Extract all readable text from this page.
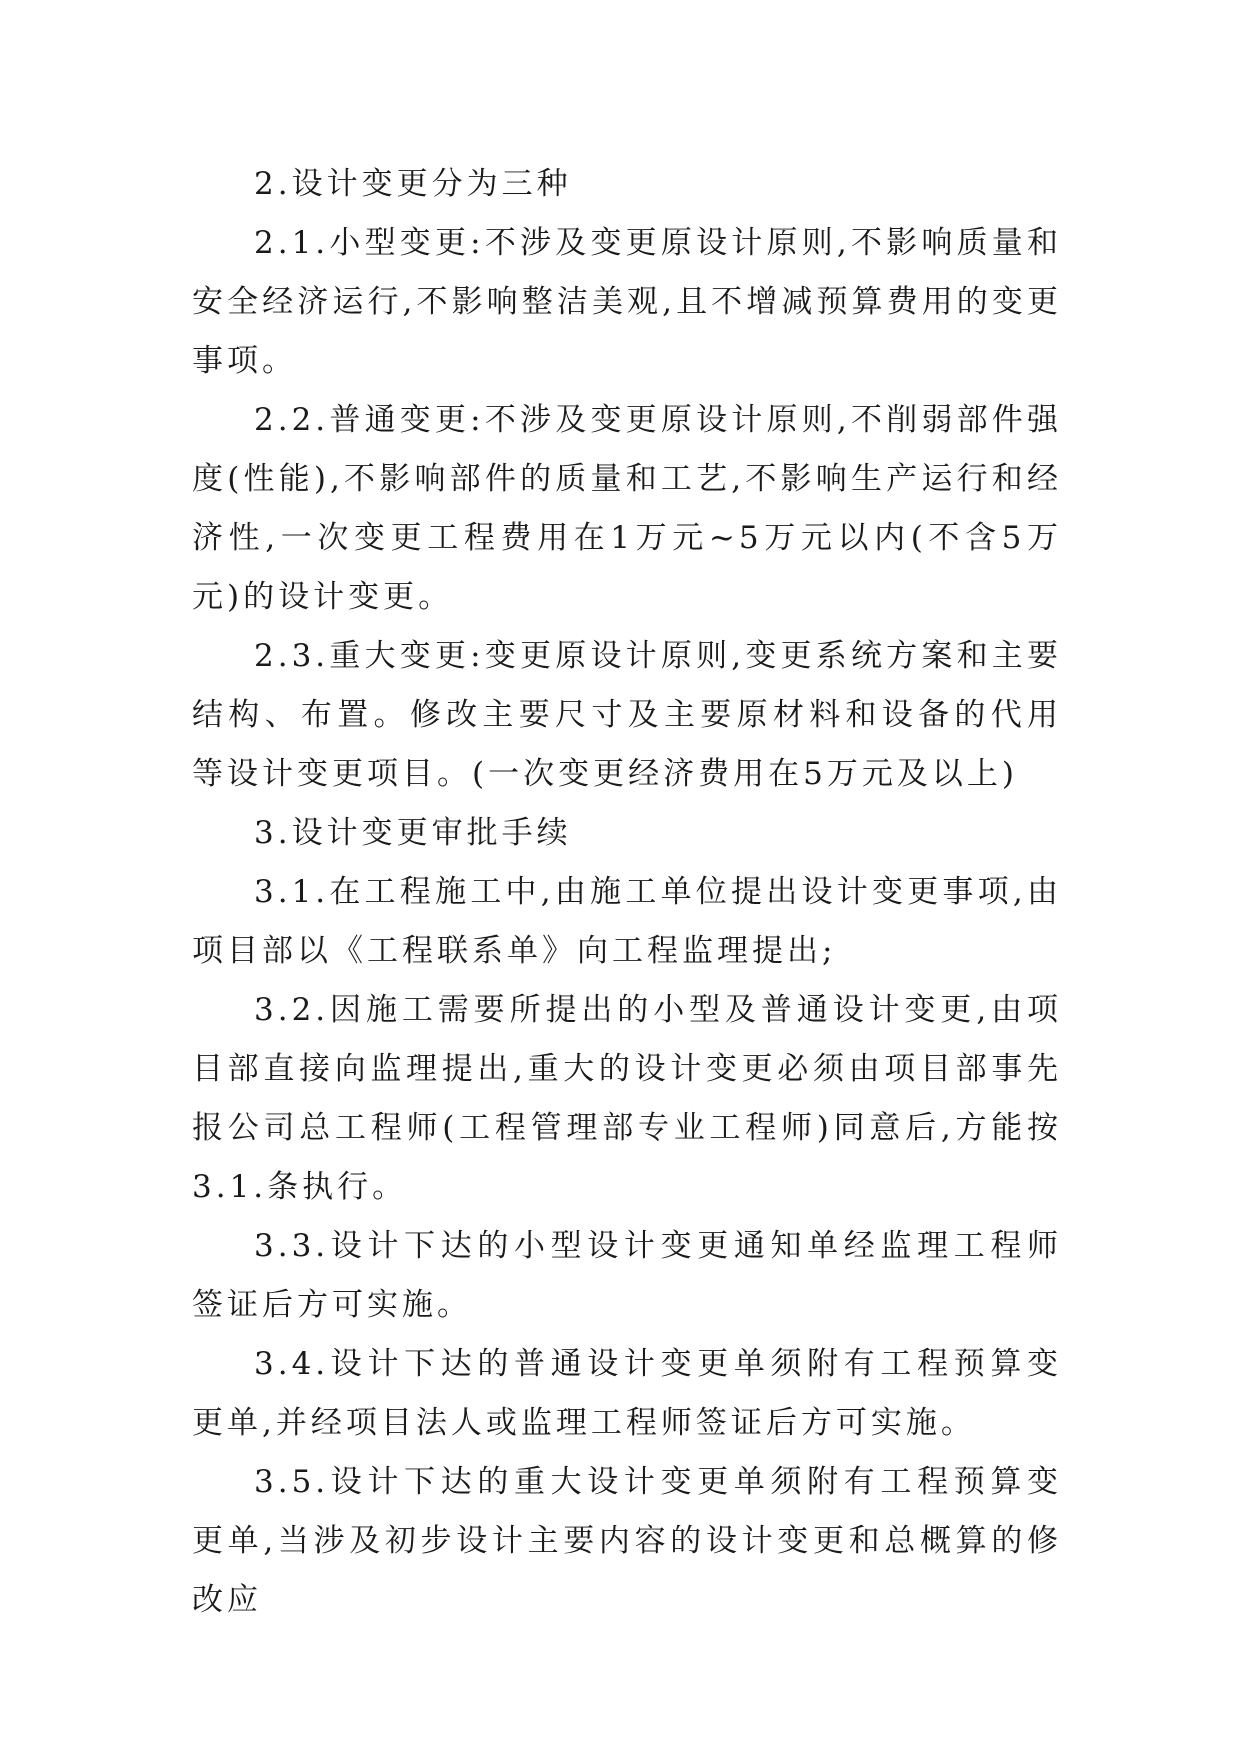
2.设计变更分为三种

2.1.小型变更:不涉及变更原设计原则,不影响质量和安全经济运行,不影响整洁美观,且不增减预算费用的变更事项。

2.2.普通变更:不涉及变更原设计原则,不削弱部件强度(性能),不影响部件的质量和工艺,不影响生产运行和经济性,一次变更工程费用在1万元~5万元以内(不含5万元)的设计变更。

2.3.重大变更:变更原设计原则,变更系统方案和主要结构、布置。修改主要尺寸及主要原材料和设备的代用等设计变更项目。(一次变更经济费用在5万元及以上)

3.设计变更审批手续

3.1.在工程施工中,由施工单位提出设计变更事项,由项目部以《工程联系单》向工程监理提出;

3.2.因施工需要所提出的小型及普通设计变更,由项目部直接向监理提出,重大的设计变更必须由项目部事先报公司总工程师(工程管理部专业工程师)同意后,方能按3.1.条执行。

3.3.设计下达的小型设计变更通知单经监理工程师签证后方可实施。

3.4.设计下达的普通设计变更单须附有工程预算变更单,并经项目法人或监理工程师签证后方可实施。

3.5.设计下达的重大设计变更单须附有工程预算变更单,当涉及初步设计主要内容的设计变更和总概算的修改应
